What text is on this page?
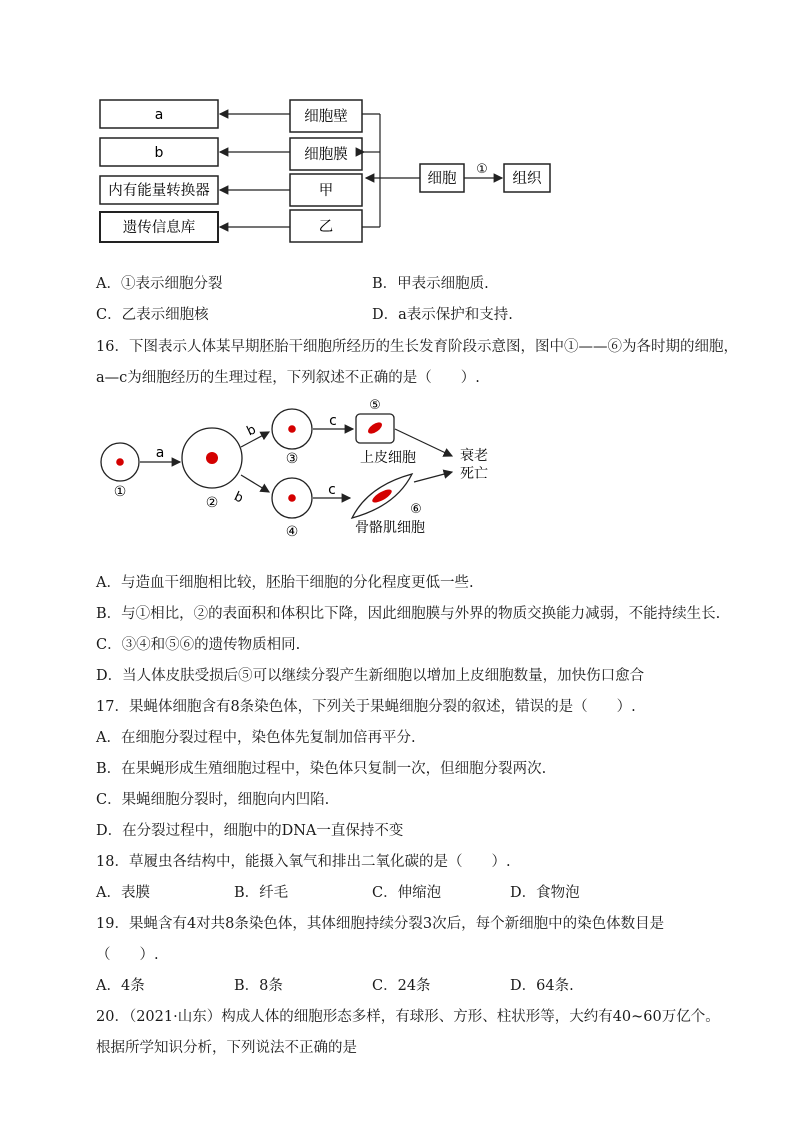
a
b
内有能量转换器
遗传信息库
细胞壁
细胞膜
甲
乙
细胞
①
组织
A．①表示细胞分裂	B．甲表示细胞质.
C．乙表示细胞核	D．a表示保护和支持.
16．下图表示人体某早期胚胎干细胞所经历的生长发育阶段示意图，图中①——⑥为各时期的细胞，
a—c为细胞经历的生理过程，下列叙述不正确的是（　　）.
①
a
②
b
b
③
④
c
c
⑤
上皮细胞
⑥
骨骼肌细胞
衰老
死亡
A．与造血干细胞相比较，胚胎干细胞的分化程度更低一些.
B．与①相比，②的表面积和体积比下降，因此细胞膜与外界的物质交换能力减弱，不能持续生长.
C．③④和⑤⑥的遗传物质相同.
D．当人体皮肤受损后⑤可以继续分裂产生新细胞以增加上皮细胞数量，加快伤口愈合
17．果蝇体细胞含有8条染色体，下列关于果蝇细胞分裂的叙述，错误的是（　　）.
A．在细胞分裂过程中，染色体先复制加倍再平分.
B．在果蝇形成生殖细胞过程中，染色体只复制一次，但细胞分裂两次.
C．果蝇细胞分裂时，细胞向内凹陷.
D．在分裂过程中，细胞中的DNA一直保持不变
18．草履虫各结构中，能摄入氧气和排出二氧化碳的是（　　）.
A．表膜	B．纤毛	C．伸缩泡	D．食物泡
19．果蝇含有4对共8条染色体，其体细胞持续分裂3次后，每个新细胞中的染色体数目是
（　　）.
A．4条	B．8条	C．24条	D．64条.
20．（2021·山东）构成人体的细胞形态多样，有球形、方形、柱状形等，大约有40~60万亿个。
根据所学知识分析，下列说法不正确的是
